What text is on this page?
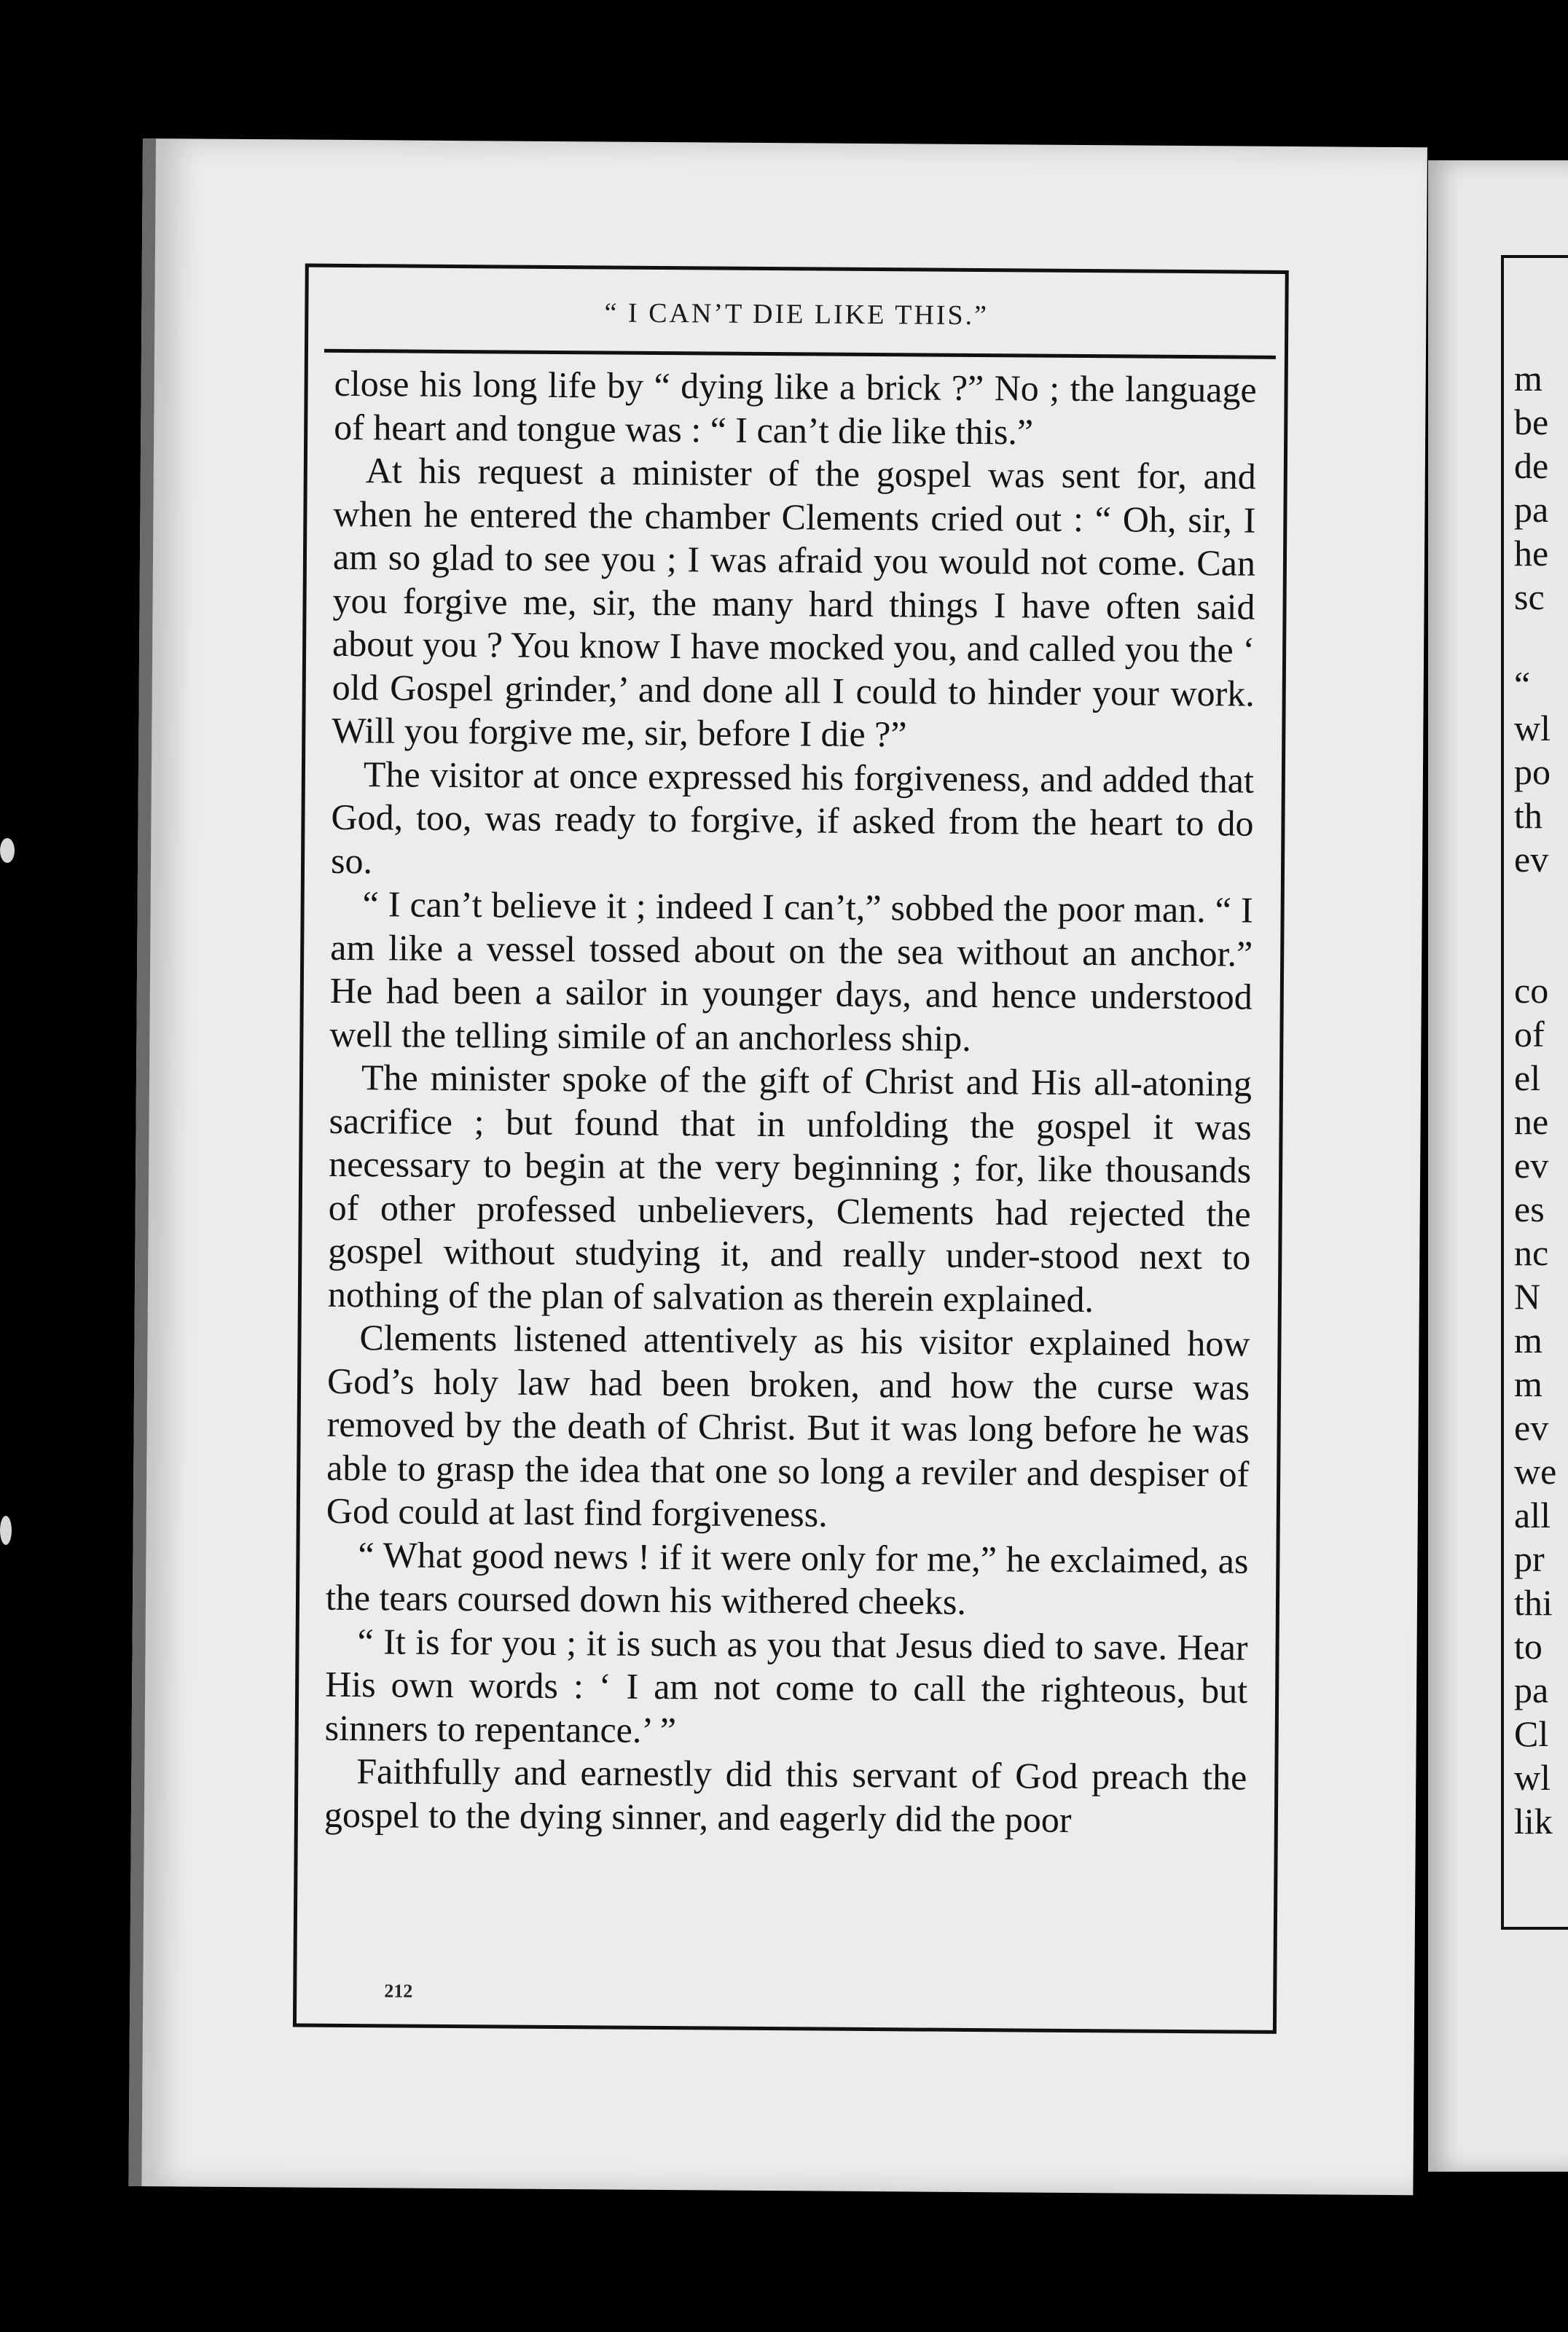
“ I CAN’T DIE LIKE THIS.”

close his long life by “ dying like a brick ?” No ; the language of heart and tongue was : “ I can’t die like this.”

At his request a minister of the gospel was sent for, and when he entered the chamber Clements cried out : “ Oh, sir, I am so glad to see you ; I was afraid you would not come. Can you forgive me, sir, the many hard things I have often said about you ? You know I have mocked you, and called you the ‘ old Gospel grinder,’ and done all I could to hinder your work. Will you forgive me, sir, before I die ?”

The visitor at once expressed his forgiveness, and added that God, too, was ready to forgive, if asked from the heart to do so.

“ I can’t believe it ; indeed I can’t,” sobbed the poor man. “ I am like a vessel tossed about on the sea without an anchor.” He had been a sailor in younger days, and hence understood well the telling simile of an anchorless ship.

The minister spoke of the gift of Christ and His all-atoning sacrifice ; but found that in unfolding the gospel it was necessary to begin at the very beginning ; for, like thousands of other professed unbelievers, Clements had rejected the gospel without studying it, and really under-stood next to nothing of the plan of salvation as therein explained.

Clements listened attentively as his visitor explained how God’s holy law had been broken, and how the curse was removed by the death of Christ. But it was long before he was able to grasp the idea that one so long a reviler and despiser of God could at last find forgiveness.

“ What good news ! if it were only for me,” he exclaimed, as the tears coursed down his withered cheeks.

“ It is for you ; it is such as you that Jesus died to save. Hear His own words : ‘ I am not come to call the righteous, but sinners to repentance.’ ”

Faithfully and earnestly did this servant of God preach the gospel to the dying sinner, and eagerly did the poor

212
m
be
de
pa
he
sc
“
wl
po
th
ev
co
of
el
ne
ev
es
nc
N
m
m
ev
we
all
pr
thi
to
pa
Cl
wl
lik
